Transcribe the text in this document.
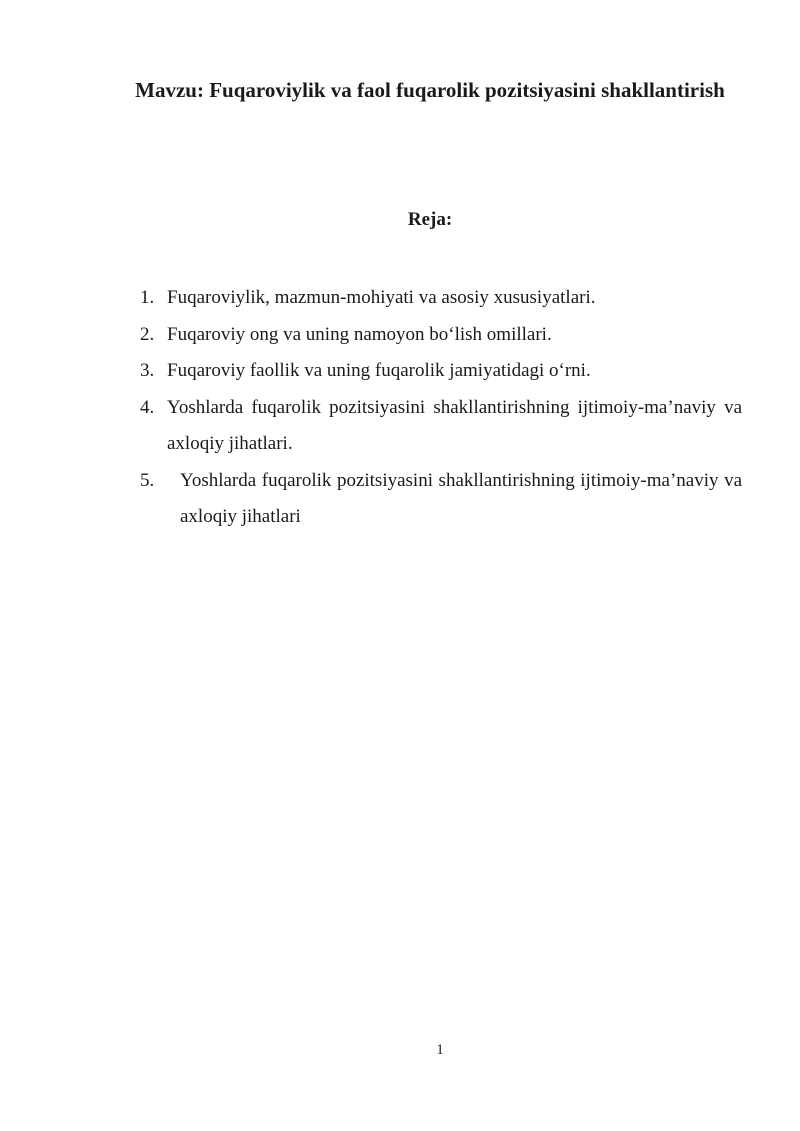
Mavzu: Fuqaroviylik va faol fuqarolik pozitsiyasini shakllantirish
Reja:
1. Fuqaroviylik, mazmun-mohiyati va asosiy xususiyatlari.
2. Fuqaroviy ong va uning namoyon bo‘lish omillari.
3. Fuqaroviy faollik va uning fuqarolik jamiyatidagi o‘rni.
4. Yoshlarda fuqarolik pozitsiyasini shakllantirishning ijtimoiy-ma’naviy va axloqiy jihatlari.
5.	Yoshlarda fuqarolik pozitsiyasini shakllantirishning ijtimoiy-ma’naviy va axloqiy jihatlari
1
